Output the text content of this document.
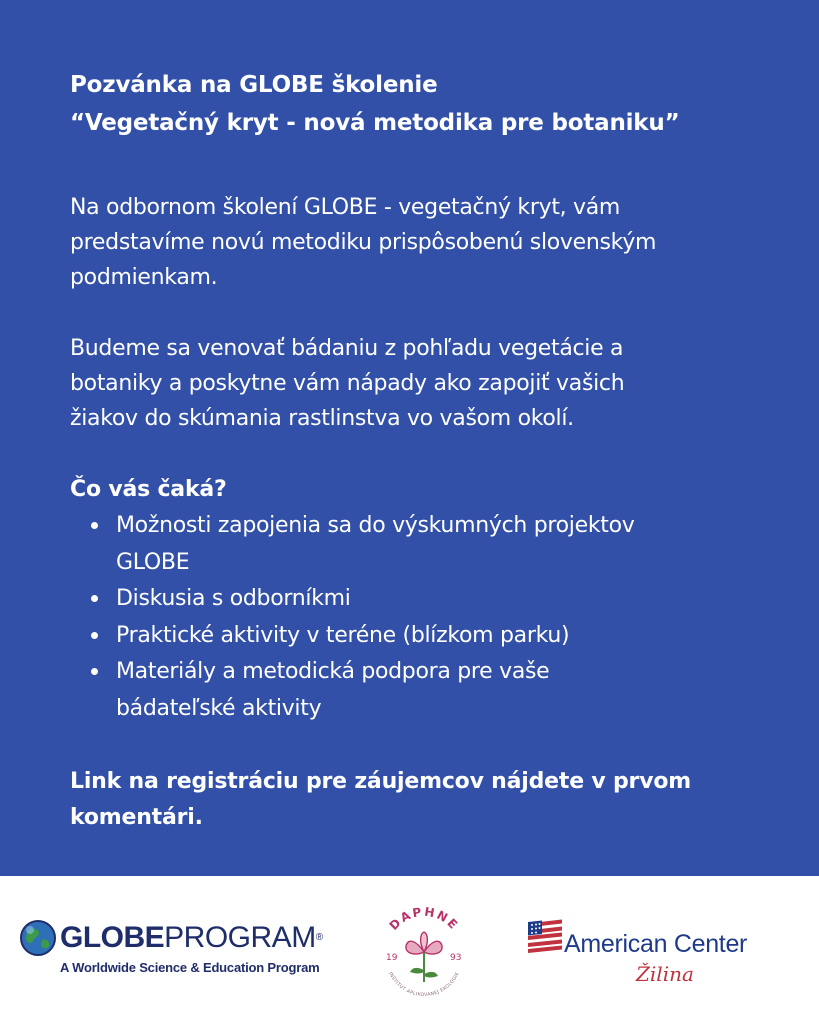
Pozvánka na GLOBE školenie
“Vegetačný kryt - nová metodika pre botaniku”

Na odbornom školení GLOBE - vegetačný kryt, vám
predstavíme novú metodiku prispôsobenú slovenským
podmienkam.

Budeme sa venovať bádaniu z pohľadu vegetácie a
botaniky a poskytne vám nápady ako zapojiť vašich
žiakov do skúmania rastlinstva vo vašom okolí.

Čo vás čaká?
Možnosti zapojenia sa do výskumných projektov
GLOBE
Diskusia s odborníkmi
Praktické aktivity v teréne (blízkom parku)
Materiály a metodická podpora pre vaše
bádateľské aktivity
Link na registráciu pre záujemcov nájdete v prvom
komentári.
GLOBEPROGRAM®
A Worldwide Science & Education Program
DAPHNE
19	93
INŠTITÚT APLIKOVANEJ EKOLÓGIE
American Center
Žilina
